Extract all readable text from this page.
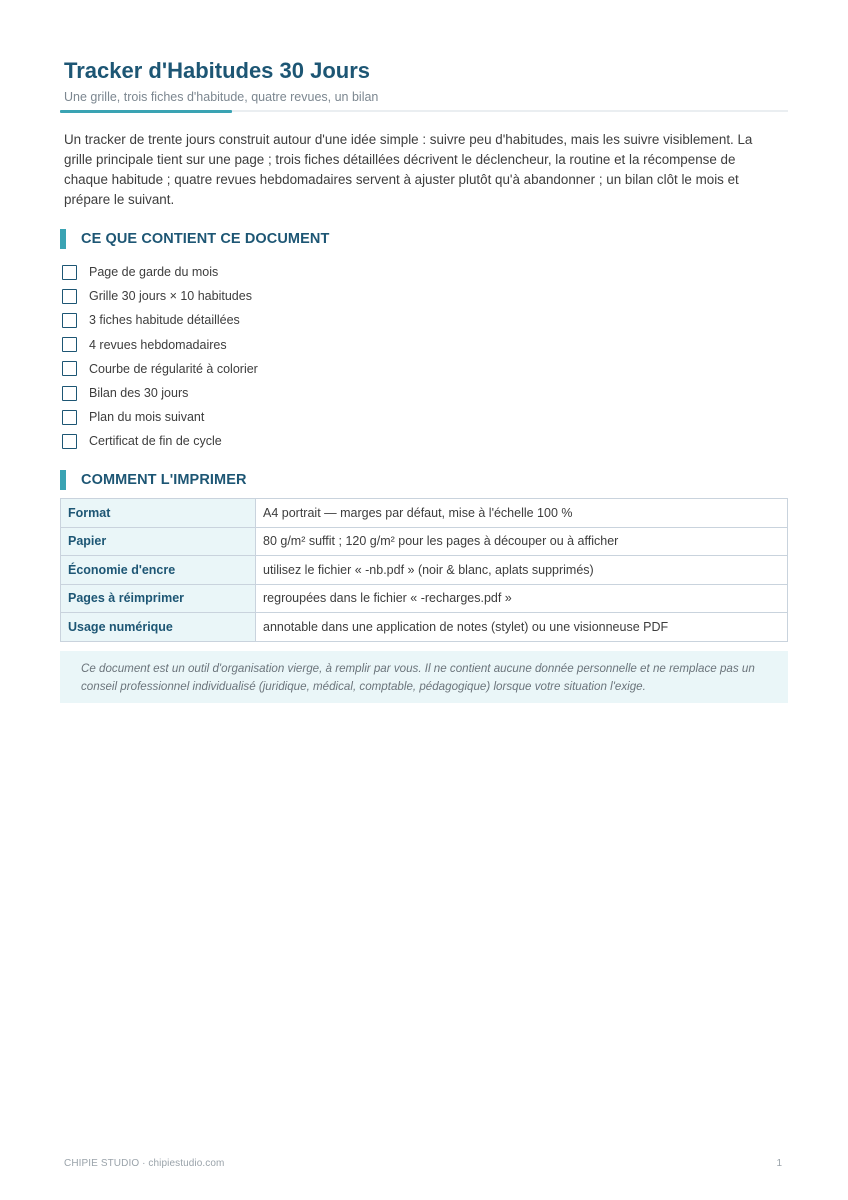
Tracker d'Habitudes 30 Jours
Une grille, trois fiches d'habitude, quatre revues, un bilan

Un tracker de trente jours construit autour d'une idée simple : suivre peu d'habitudes, mais les suivre visiblement. La grille principale tient sur une page ; trois fiches détaillées décrivent le déclencheur, la routine et la récompense de chaque habitude ; quatre revues hebdomadaires servent à ajuster plutôt qu'à abandonner ; un bilan clôt le mois et prépare le suivant.

CE QUE CONTIENT CE DOCUMENT
Page de garde du mois
Grille 30 jours × 10 habitudes
3 fiches habitude détaillées
4 revues hebdomadaires
Courbe de régularité à colorier
Bilan des 30 jours
Plan du mois suivant
Certificat de fin de cycle
COMMENT L'IMPRIMER
Format	A4 portrait — marges par défaut, mise à l'échelle 100 %
Papier	80 g/m² suffit ; 120 g/m² pour les pages à découper ou à afficher
Économie d'encre	utilisez le fichier « -nb.pdf » (noir & blanc, aplats supprimés)
Pages à réimprimer	regroupées dans le fichier « -recharges.pdf »
Usage numérique	annotable dans une application de notes (stylet) ou une visionneuse PDF
Ce document est un outil d'organisation vierge, à remplir par vous. Il ne contient aucune donnée personnelle et ne remplace pas un conseil professionnel individualisé (juridique, médical, comptable, pédagogique) lorsque votre situation l'exige.
CHIPIE STUDIO · chipiestudio.com	1
